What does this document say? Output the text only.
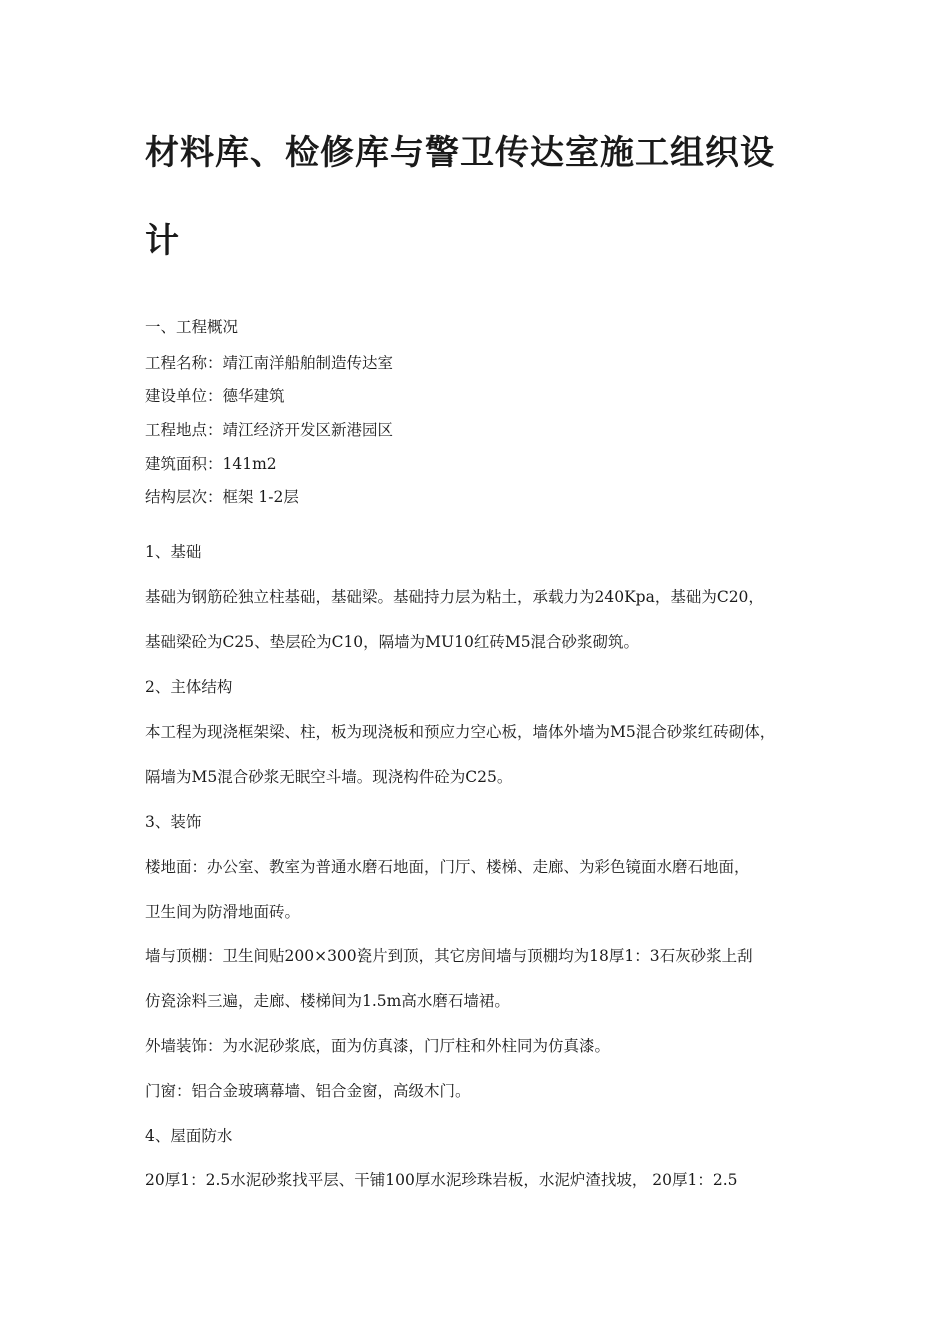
材料库、检修库与警卫传达室施工组织设
计

一、工程概况

工程名称：靖江南洋船舶制造传达室

建设单位：德华建筑

工程地点：靖江经济开发区新港园区

建筑面积：141m2

结构层次：框架 1-2层

1、基础

基础为钢筋砼独立柱基础，基础梁。基础持力层为粘土，承载力为240Kpa，基础为C20，

基础梁砼为C25、垫层砼为C10，隔墙为MU10红砖M5混合砂浆砌筑。

2、主体结构

本工程为现浇框架梁、柱，板为现浇板和预应力空心板，墙体外墙为M5混合砂浆红砖砌体，

隔墙为M5混合砂浆无眠空斗墙。现浇构件砼为C25。

3、装饰

楼地面：办公室、教室为普通水磨石地面，门厅、楼梯、走廊、为彩色镜面水磨石地面，

卫生间为防滑地面砖。

墙与顶棚：卫生间贴200×300瓷片到顶，其它房间墙与顶棚均为18厚1：3石灰砂浆上刮

仿瓷涂料三遍，走廊、楼梯间为1.5m高水磨石墙裙。

外墙装饰：为水泥砂浆底，面为仿真漆，门厅柱和外柱同为仿真漆。

门窗：铝合金玻璃幕墙、铝合金窗，高级木门。

4、屋面防水

20厚1：2.5水泥砂浆找平层、干铺100厚水泥珍珠岩板，水泥炉渣找坡， 20厚1：2.5
